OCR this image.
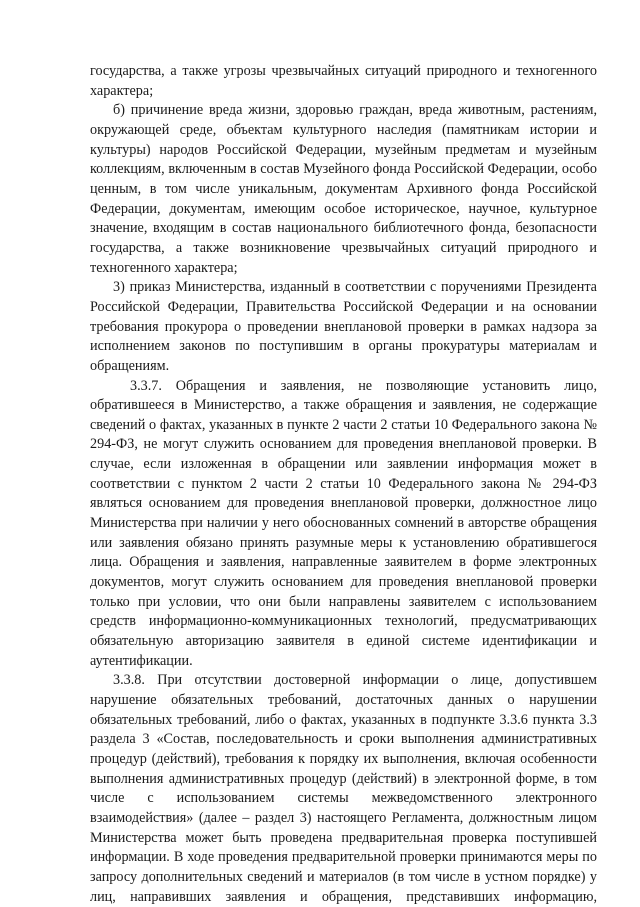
государства, а также угрозы чрезвычайных ситуаций природного и техногенного характера;

б) причинение вреда жизни, здоровью граждан, вреда животным, растениям, окружающей среде, объектам культурного наследия (памятникам истории и культуры) народов Российской Федерации, музейным предметам и музейным коллекциям, включенным в состав Музейного фонда Российской Федерации, особо ценным, в том числе уникальным, документам Архивного фонда Российской Федерации, документам, имеющим особое историческое, научное, культурное значение, входящим в состав национального библиотечного фонда, безопасности государства, а также возникновение чрезвычайных ситуаций природного и техногенного характера;

3) приказ Министерства, изданный в соответствии с поручениями Президента Российской Федерации, Правительства Российской Федерации и на основании требования прокурора о проведении внеплановой проверки в рамках надзора за исполнением законов по поступившим в органы прокуратуры материалам и обращениям.

3.3.7. Обращения и заявления, не позволяющие установить лицо, обратившееся в Министерство, а также обращения и заявления, не содержащие сведений о фактах, указанных в пункте 2 части 2 статьи 10 Федерального закона № 294-ФЗ, не могут служить основанием для проведения внеплановой проверки. В случае, если изложенная в обращении или заявлении информация может в соответствии с пунктом 2 части 2 статьи 10 Федерального закона № 294-ФЗ являться основанием для проведения внеплановой проверки, должностное лицо Министерства при наличии у него обоснованных сомнений в авторстве обращения или заявления обязано принять разумные меры к установлению обратившегося лица. Обращения и заявления, направленные заявителем в форме электронных документов, могут служить основанием для проведения внеплановой проверки только при условии, что они были направлены заявителем с использованием средств информационно-коммуникационных технологий, предусматривающих обязательную авторизацию заявителя в единой системе идентификации и аутентификации.

3.3.8. При отсутствии достоверной информации о лице, допустившем нарушение обязательных требований, достаточных данных о нарушении обязательных требований, либо о фактах, указанных в подпункте 3.3.6 пункта 3.3 раздела 3 «Состав, последовательность и сроки выполнения административных процедур (действий), требования к порядку их выполнения, включая особенности выполнения административных процедур (действий) в электронной форме, в том числе с использованием системы межведомственного электронного взаимодействия» (далее – раздел 3) настоящего Регламента, должностным лицом Министерства может быть проведена предварительная проверка поступившей информации. В ходе проведения предварительной проверки принимаются меры по запросу дополнительных сведений и материалов (в том числе в устном порядке) у лиц, направивших заявления и обращения, представивших информацию,
